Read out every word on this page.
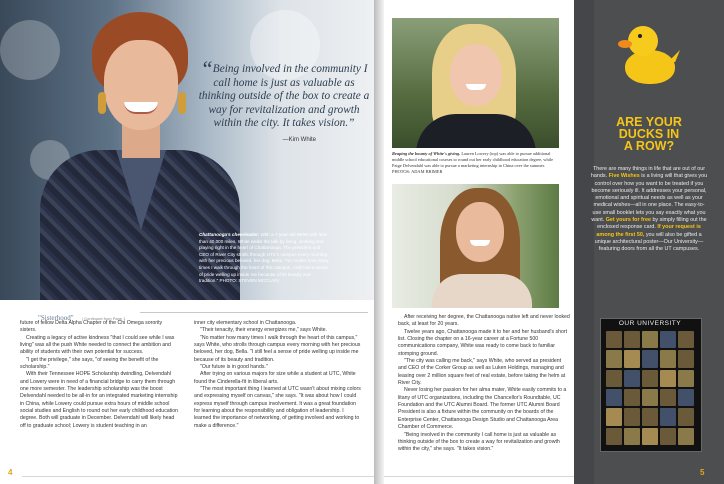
“Being involved in the community I call home is just as valuable as thinking outside of the box to create a way for revitalization and growth within the city. It takes vision.”

—Kim White
Chattanooga's cheerleader: With a 7-year-old BMW with less than 40,000 miles, White walks the talk by living, working and playing right in the heart of Chattanooga. The president and CEO of River City strolls through UTC's campus every morning with her precious beloved, her dog, Bella. "No matter how many times I walk through the heart of this campus, I still feel a sense of pride welling up inside me because of its beauty and tradition." PHOTO: STEVEN MCCLAIN
"Sisterhood" | Continued from Page 1

future of fellow Delta Alpha Chapter of the Chi Omega sorority sisters.

Creating a legacy of active kindness "that I could see while I was living" was all the push White needed to connect the ambition and ability of students with their own potential for success.

"I get the privilege," she says, "of seeing the benefit of the scholarship."

With their Tennessee HOPE Scholarship dwindling, Delvendahl and Lowery were in need of a financial bridge to carry them through one more semester. The leadership scholarship was the boost Delvendahl needed to be all-in for an integrated marketing internship in China, while Lowery could pursue extra hours of middle school social studies and English to round out her early childhood education degree. Both will graduate in December. Delvendahl will likely head off to graduate school; Lowery is student teaching in an

inner city elementary school in Chattanooga.

"Their tenacity, their energy energizes me," says White.

"No matter how many times I walk through the heart of this campus," says White, who strolls through campus every morning with her precious beloved, her dog, Bella. "I still feel a sense of pride welling up inside me because of its beauty and tradition.

"Our future is in good hands."

After trying on various majors for size while a student at UTC, White found the Cinderella-fit in liberal arts.

"The most important thing I learned at UTC wasn't about mixing colors and expressing myself on canvas," she says. "It was about how I could express myself through campus involvement. It was a great foundation for learning about the responsibility and obligation of leadership. I learned the importance of networking, of getting involved and working to make a difference."

4
Reaping the bounty of White's giving. Lauren Lowery (top) was able to pursue additional middle school educational courses to round out her early childhood education degree, while Paige Delvendahl was able to pursue a marketing internship in China over the summer. PHOTOS: ADAM BRIMER

After receiving her degree, the Chattanooga native left and never looked back, at least for 20 years.

Twelve years ago, Chattanooga made it to her and her husband's short list. Closing the chapter on a 16-year career at a Fortune 500 communications company, White was ready to come back to familiar stomping ground.

"The city was calling me back," says White, who served as president and CEO of the Corker Group as well as Luken Holdings, managing and leasing over 2 million square feet of real estate, before taking the helm at River City.

Never losing her passion for her alma mater, White easily commits to a litany of UTC organizations, including the Chancellor's Roundtable, UC Foundation and the UTC Alumni Board. The former UTC Alumni Board President is also a fixture within the community on the boards of the Enterprise Center, Chattanooga Design Studio and Chattanooga Area Chamber of Commerce.

"Being involved in the community I call home is just as valuable as thinking outside of the box to create a way for revitalization and growth within the city," she says. "It takes vision."

ARE YOUR
DUCKS IN
A ROW?
There are many things in life that are out of our hands. Five Wishes is a living will that gives you control over how you want to be treated if you become seriously ill. It addresses your personal, emotional and spiritual needs as well as your medical wishes—all in one place. The easy-to-use small booklet lets you say exactly what you want. Get yours for free by simply filling out the enclosed response card. If your request is among the first 50, you will also be gifted a unique architectural poster—Our University—featuring doors from all the UT campuses.
OUR UNIVERSITY
5
